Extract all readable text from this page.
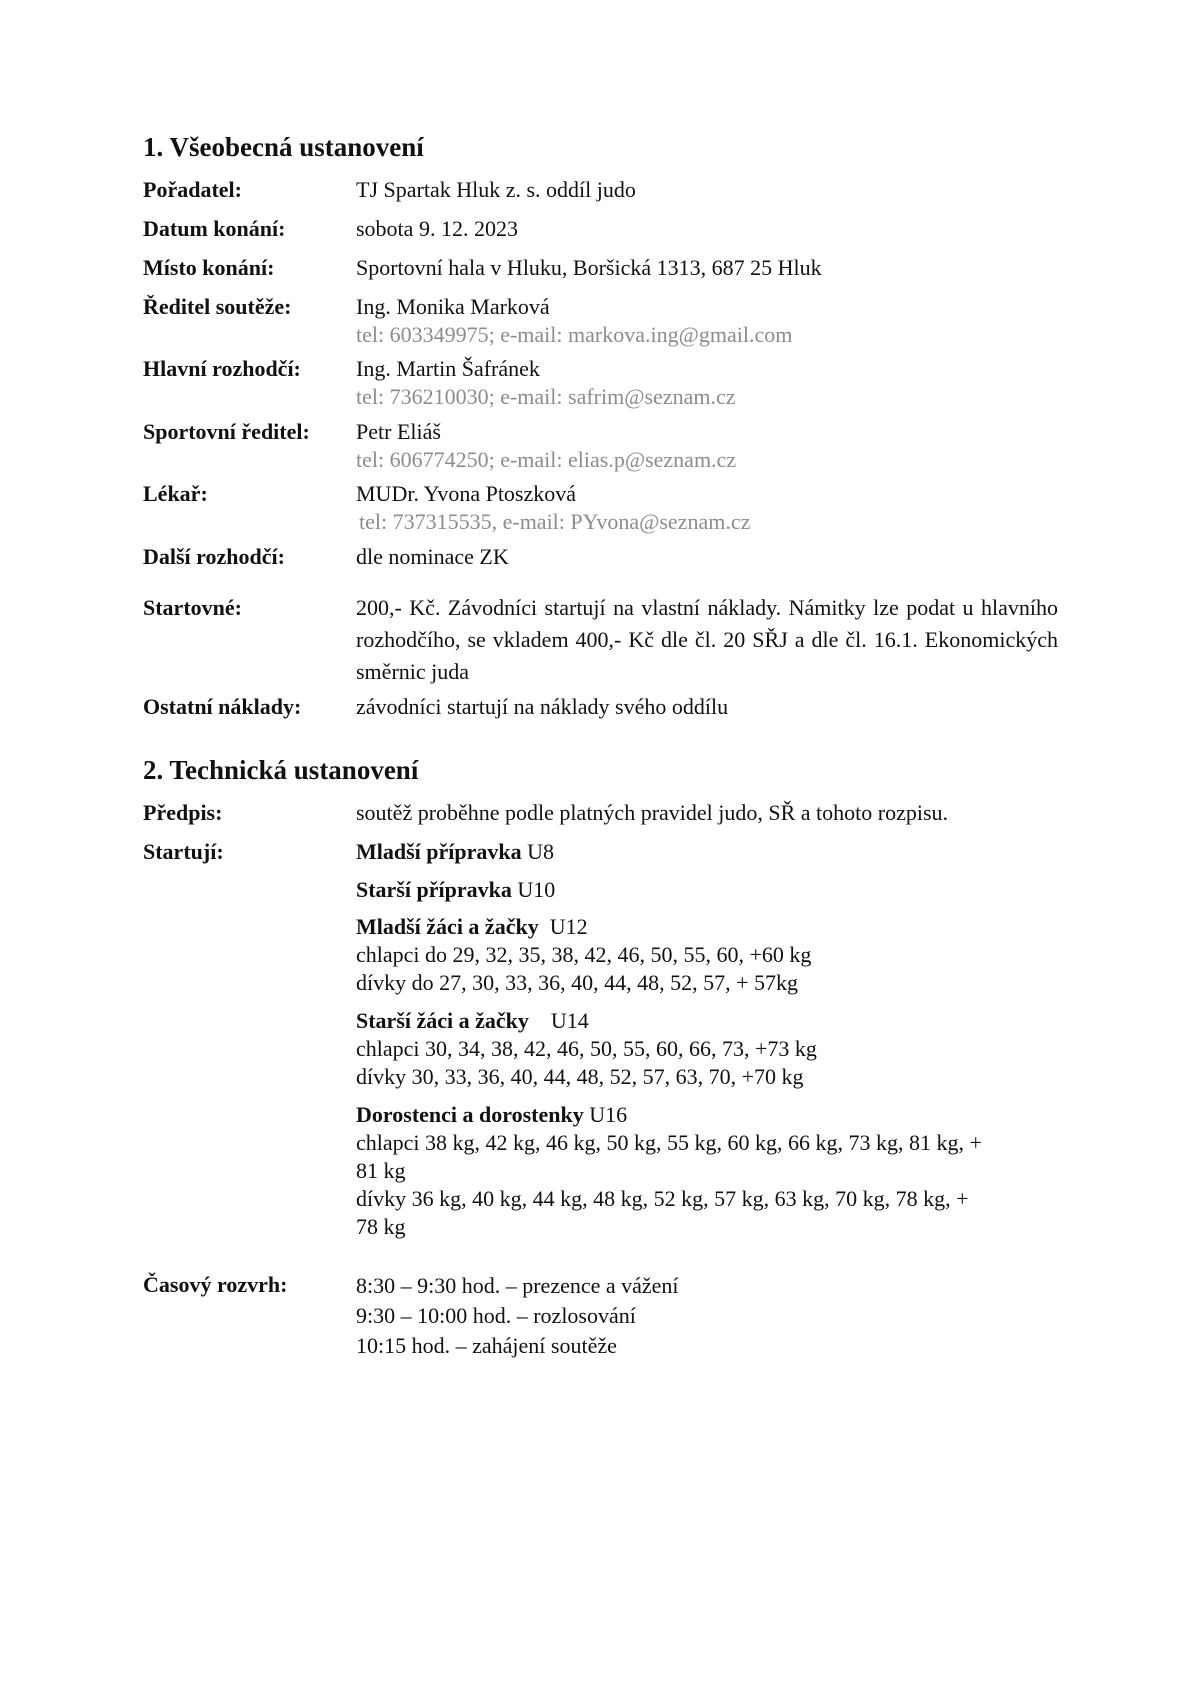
1. Všeobecná ustanovení
Pořadatel:	TJ Spartak Hluk z. s. oddíl judo
Datum konání:	sobota 9. 12. 2023
Místo konání:	Sportovní hala v Hluku, Boršická 1313, 687 25 Hluk
Ředitel soutěže:	Ing. Monika Marková
tel: 603349975; e-mail: markova.ing@gmail.com
Hlavní rozhodčí:	Ing. Martin Šafránek
tel: 736210030; e-mail: safrim@seznam.cz
Sportovní ředitel: Petr Eliáš
tel: 606774250; e-mail: elias.p@seznam.cz
Lékař:	MUDr. Yvona Ptoszková
tel: 737315535, e-mail: PYvona@seznam.cz
Další rozhodčí:	dle nominace ZK
Startovné:	200,- Kč. Závodníci startují na vlastní náklady. Námitky lze podat u hlavního rozhodčího, se vkladem 400,- Kč dle čl. 20 SŘJ a dle čl. 16.1. Ekonomických směrnic juda
Ostatní náklady: závodníci startují na náklady svého oddílu
2. Technická ustanovení
Předpis:	soutěž proběhne podle platných pravidel judo, SŘ a tohoto rozpisu.
Startují:	Mladší přípravka U8
Starší přípravka U10
Mladší žáci a žačky  U12
chlapci do 29, 32, 35, 38, 42, 46, 50, 55, 60, +60 kg
dívky do 27, 30, 33, 36, 40, 44, 48, 52, 57, + 57kg
Starší žáci a žačky    U14
chlapci 30, 34, 38, 42, 46, 50, 55, 60, 66, 73, +73 kg
dívky 30, 33, 36, 40, 44, 48, 52, 57, 63, 70, +70 kg
Dorostenci a dorostenky U16
chlapci 38 kg, 42 kg, 46 kg, 50 kg, 55 kg, 60 kg, 66 kg, 73 kg, 81 kg, +
81 kg
dívky 36 kg, 40 kg, 44 kg, 48 kg, 52 kg, 57 kg, 63 kg, 70 kg, 78 kg, +
78 kg
Časový rozvrh:	8:30 – 9:30 hod. – prezence a vážení
9:30 – 10:00 hod. – rozlosování
10:15 hod. – zahájení soutěže
